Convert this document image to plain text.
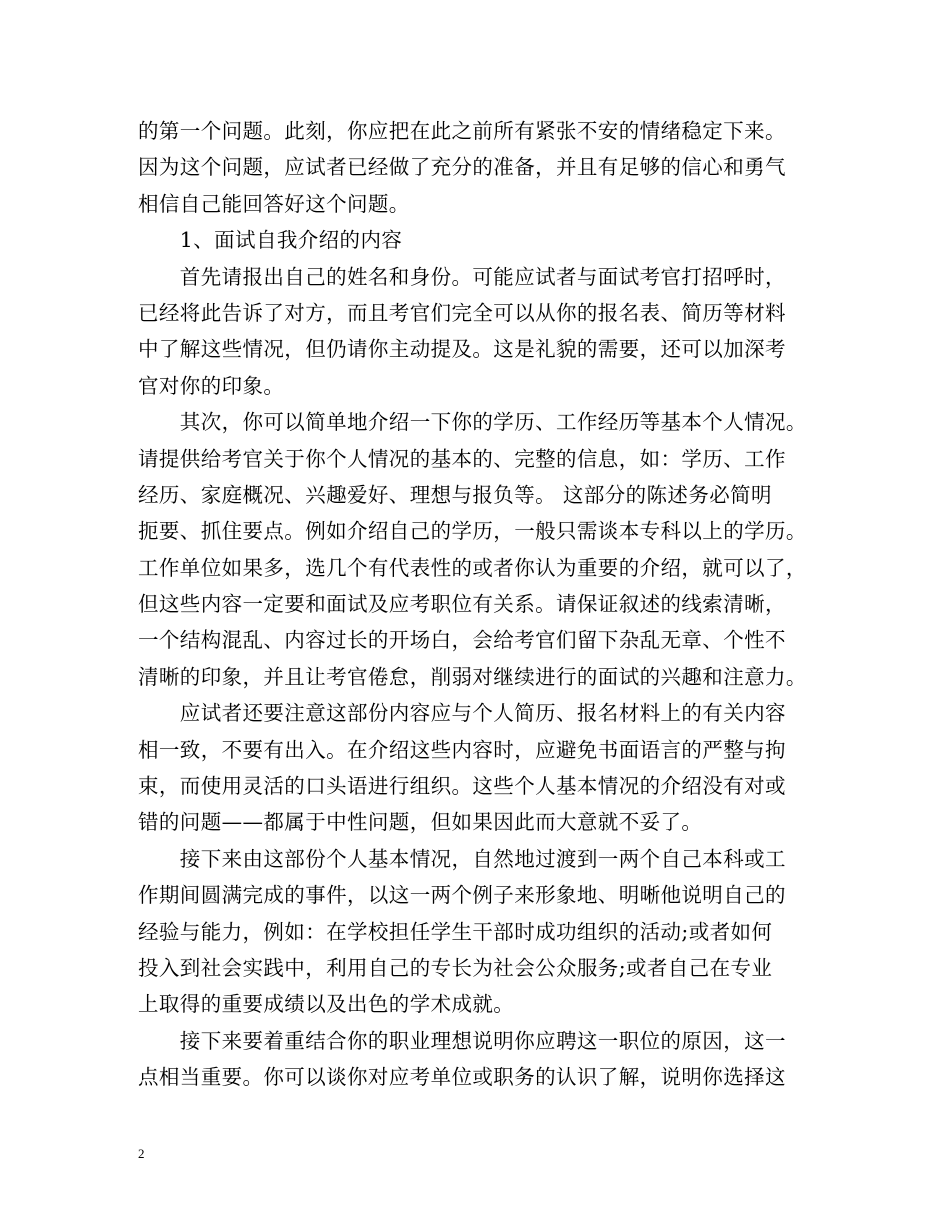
的第一个问题。此刻，你应把在此之前所有紧张不安的情绪稳定下来。
因为这个问题，应试者已经做了充分的准备，并且有足够的信心和勇气
相信自己能回答好这个问题。
　　1、面试自我介绍的内容
　　首先请报出自己的姓名和身份。可能应试者与面试考官打招呼时，
已经将此告诉了对方，而且考官们完全可以从你的报名表、简历等材料
中了解这些情况，但仍请你主动提及。这是礼貌的需要，还可以加深考
官对你的印象。
　　其次，你可以简单地介绍一下你的学历、工作经历等基本个人情况。
请提供给考官关于你个人情况的基本的、完整的信息，如：学历、工作
经历、家庭概况、兴趣爱好、理想与报负等。 这部分的陈述务必简明
扼要、抓住要点。例如介绍自己的学历，一般只需谈本专科以上的学历。
工作单位如果多，选几个有代表性的或者你认为重要的介绍，就可以了，
但这些内容一定要和面试及应考职位有关系。请保证叙述的线索清晰，
一个结构混乱、内容过长的开场白，会给考官们留下杂乱无章、个性不
清晰的印象，并且让考官倦怠，削弱对继续进行的面试的兴趣和注意力。
　　应试者还要注意这部份内容应与个人简历、报名材料上的有关内容
相一致，不要有出入。在介绍这些内容时，应避免书面语言的严整与拘
束，而使用灵活的口头语进行组织。这些个人基本情况的介绍没有对或
错的问题——都属于中性问题，但如果因此而大意就不妥了。
　　接下来由这部份个人基本情况，自然地过渡到一两个自己本科或工
作期间圆满完成的事件，以这一两个例子来形象地、明晰他说明自己的
经验与能力，例如：在学校担任学生干部时成功组织的活动;或者如何
投入到社会实践中，利用自己的专长为社会公众服务;或者自己在专业
上取得的重要成绩以及出色的学术成就。
　　接下来要着重结合你的职业理想说明你应聘这一职位的原因，这一
点相当重要。你可以谈你对应考单位或职务的认识了解，说明你选择这
2
